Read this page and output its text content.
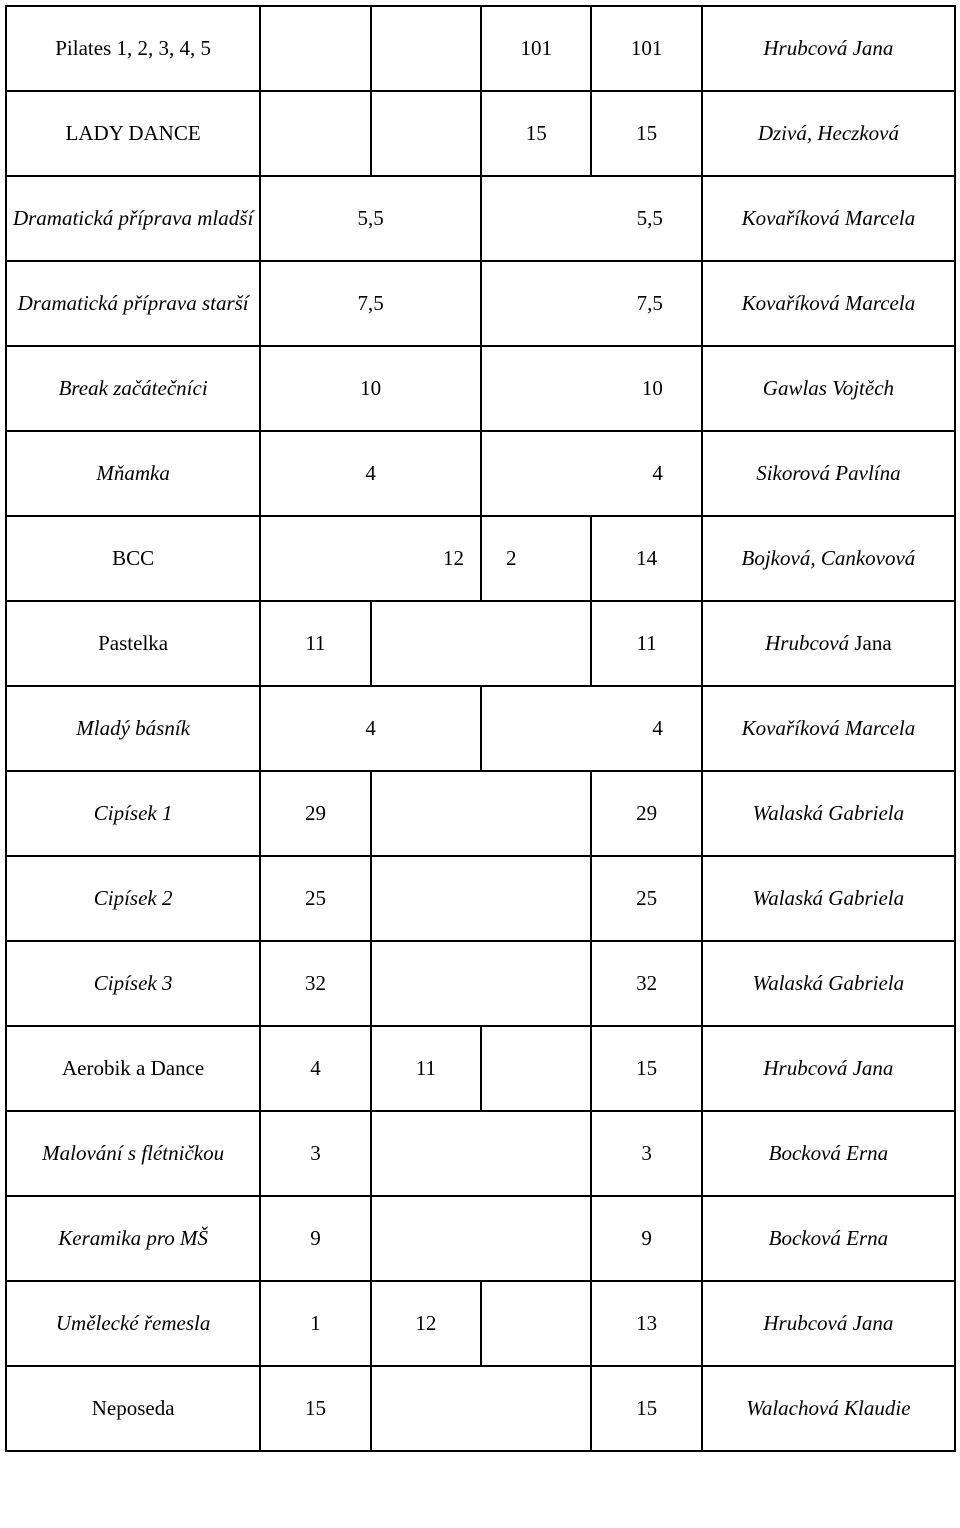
Pilates 1, 2, 3, 4, 5			101	101	Hrubcová Jana
LADY DANCE			15	15	Dzivá, Heczková
Dramatická příprava mladší	5,5		5,5		Kovaříková Marcela
Dramatická příprava starší	7,5		7,5		Kovaříková Marcela
Break začátečníci	10		10		Gawlas Vojtěch
Mňamka	4		4		Sikorová Pavlína
BCC	12		2	14	Bojková, Cankovová
Pastelka	11			11	Hrubcová Jana
Mladý básník	4		4		Kovaříková Marcela
Cipísek 1	29			29	Walaská Gabriela
Cipísek 2	25			25	Walaská Gabriela
Cipísek 3	32			32	Walaská Gabriela
Aerobik a Dance	4	11		15	Hrubcová Jana
Malování s flétničkou	3			3	Bocková Erna
Keramika pro MŠ	9			9	Bocková Erna
Umělecké řemesla	1	12		13	Hrubcová Jana
Neposeda	15			15	Walachová Klaudie
